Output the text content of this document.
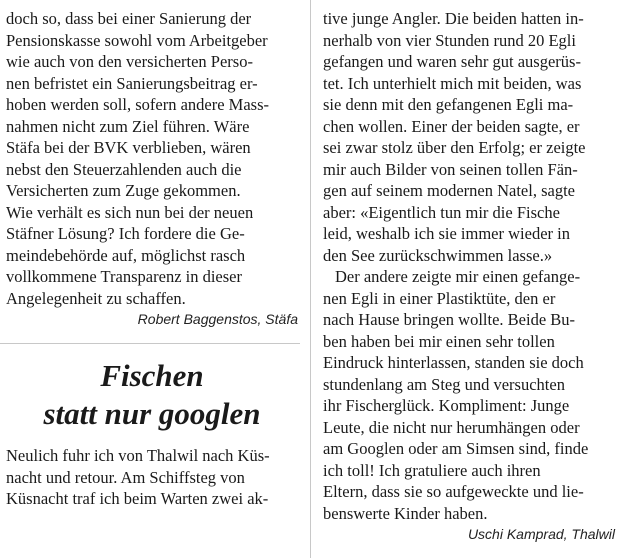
doch so, dass bei einer Sanierung der
Pensionskasse sowohl vom Arbeitgeber
wie auch von den versicherten Perso-
nen befristet ein Sanierungsbeitrag er-
hoben werden soll, sofern andere Mass-
nahmen nicht zum Ziel führen. Wäre
Stäfa bei der BVK verblieben, wären
nebst den Steuerzahlenden auch die
Versicherten zum Zuge gekommen.
Wie verhält es sich nun bei der neuen
Stäfner Lösung? Ich fordere die Ge-
meindebehörde auf, möglichst rasch
vollkommene Transparenz in dieser
Angelegenheit zu schaffen.

Robert Baggenstos, Stäfa

Fischen
statt nur googlen

Neulich fuhr ich von Thalwil nach Küs-
nacht und retour. Am Schiffsteg von
Küsnacht traf ich beim Warten zwei ak-

tive junge Angler. Die beiden hatten in-
nerhalb von vier Stunden rund 20 Egli
gefangen und waren sehr gut ausgerüs-
tet. Ich unterhielt mich mit beiden, was
sie denn mit den gefangenen Egli ma-
chen wollen. Einer der beiden sagte, er
sei zwar stolz über den Erfolg; er zeigte
mir auch Bilder von seinen tollen Fän-
gen auf seinem modernen Natel, sagte
aber: «Eigentlich tun mir die Fische
leid, weshalb ich sie immer wieder in
den See zurückschwimmen lasse.»
Der andere zeigte mir einen gefange-
nen Egli in einer Plastiktüte, den er
nach Hause bringen wollte. Beide Bu-
ben haben bei mir einen sehr tollen
Eindruck hinterlassen, standen sie doch
stundenlang am Steg und versuchten
ihr Fischerglück. Kompliment: Junge
Leute, die nicht nur herumhängen oder
am Googlen oder am Simsen sind, finde
ich toll! Ich gratuliere auch ihren
Eltern, dass sie so aufgeweckte und lie-
benswerte Kinder haben.

Uschi Kamprad, Thalwil
